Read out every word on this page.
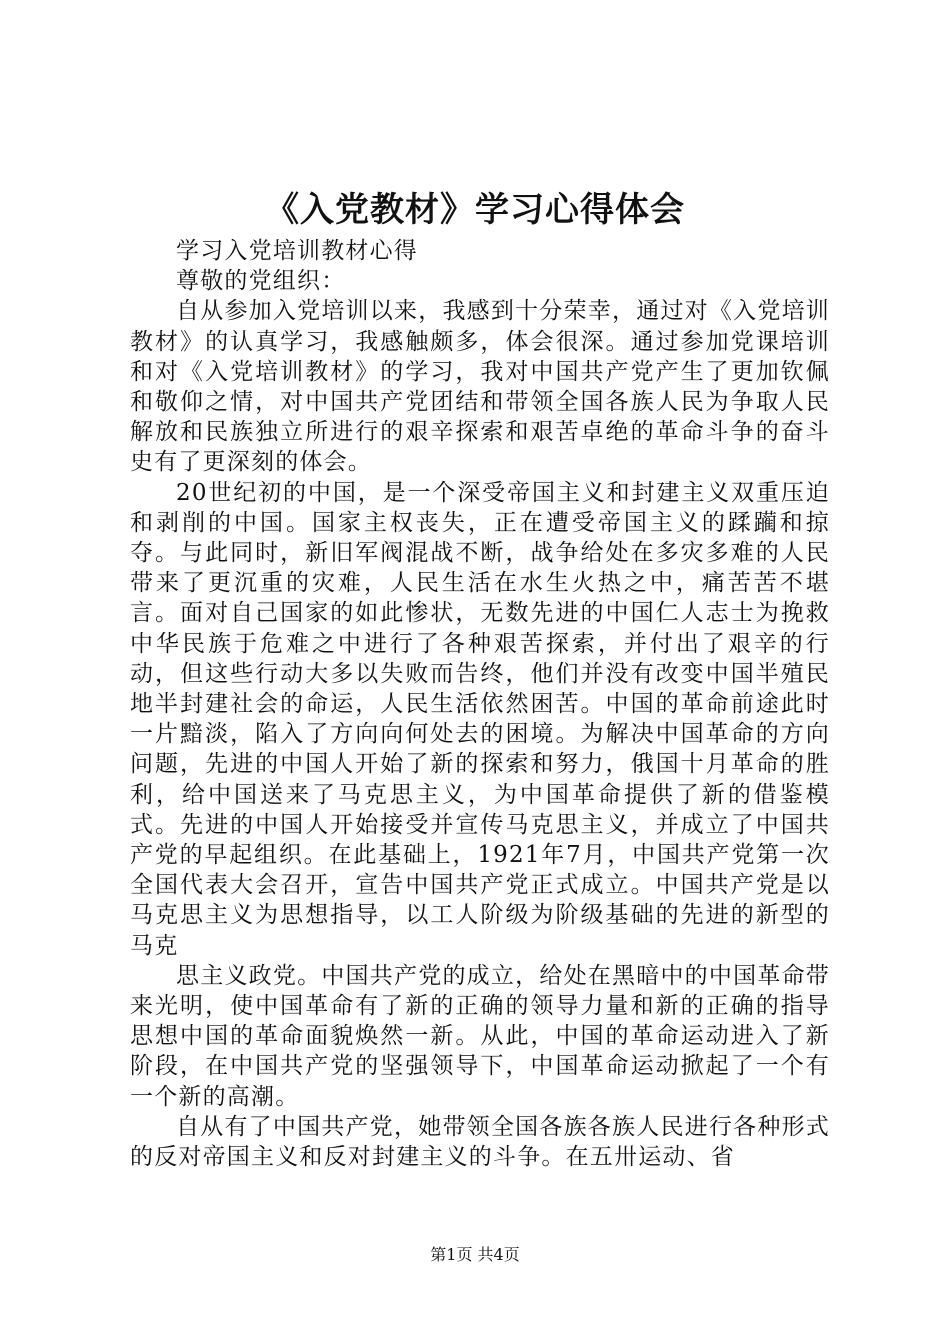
《入党教材》学习心得体会

学习入党培训教材心得

尊敬的党组织：

自从参加入党培训以来，我感到十分荣幸，通过对《入党培训教材》的认真学习，我感触颇多，体会很深。通过参加党课培训和对《入党培训教材》的学习，我对中国共产党产生了更加钦佩和敬仰之情，对中国共产党团结和带领全国各族人民为争取人民解放和民族独立所进行的艰辛探索和艰苦卓绝的革命斗争的奋斗史有了更深刻的体会。

20世纪初的中国，是一个深受帝国主义和封建主义双重压迫和剥削的中国。国家主权丧失，正在遭受帝国主义的蹂躏和掠夺。与此同时，新旧军阀混战不断，战争给处在多灾多难的人民带来了更沉重的灾难，人民生活在水生火热之中，痛苦苦不堪言。面对自己国家的如此惨状，无数先进的中国仁人志士为挽救中华民族于危难之中进行了各种艰苦探索，并付出了艰辛的行动，但这些行动大多以失败而告终，他们并没有改变中国半殖民地半封建社会的命运，人民生活依然困苦。中国的革命前途此时一片黯淡，陷入了方向向何处去的困境。为解决中国革命的方向问题，先进的中国人开始了新的探索和努力，俄国十月革命的胜利，给中国送来了马克思主义，为中国革命提供了新的借鉴模式。先进的中国人开始接受并宣传马克思主义，并成立了中国共产党的早起组织。在此基础上，1921年7月，中国共产党第一次全国代表大会召开，宣告中国共产党正式成立。中国共产党是以马克思主义为思想指导，以工人阶级为阶级基础的先进的新型的马克

思主义政党。中国共产党的成立，给处在黑暗中的中国革命带来光明，使中国革命有了新的正确的领导力量和新的正确的指导思想中国的革命面貌焕然一新。从此，中国的革命运动进入了新阶段，在中国共产党的坚强领导下，中国革命运动掀起了一个有一个新的高潮。

自从有了中国共产党，她带领全国各族各族人民进行各种形式的反对帝国主义和反对封建主义的斗争。在五卅运动、省

第1页 共4页
